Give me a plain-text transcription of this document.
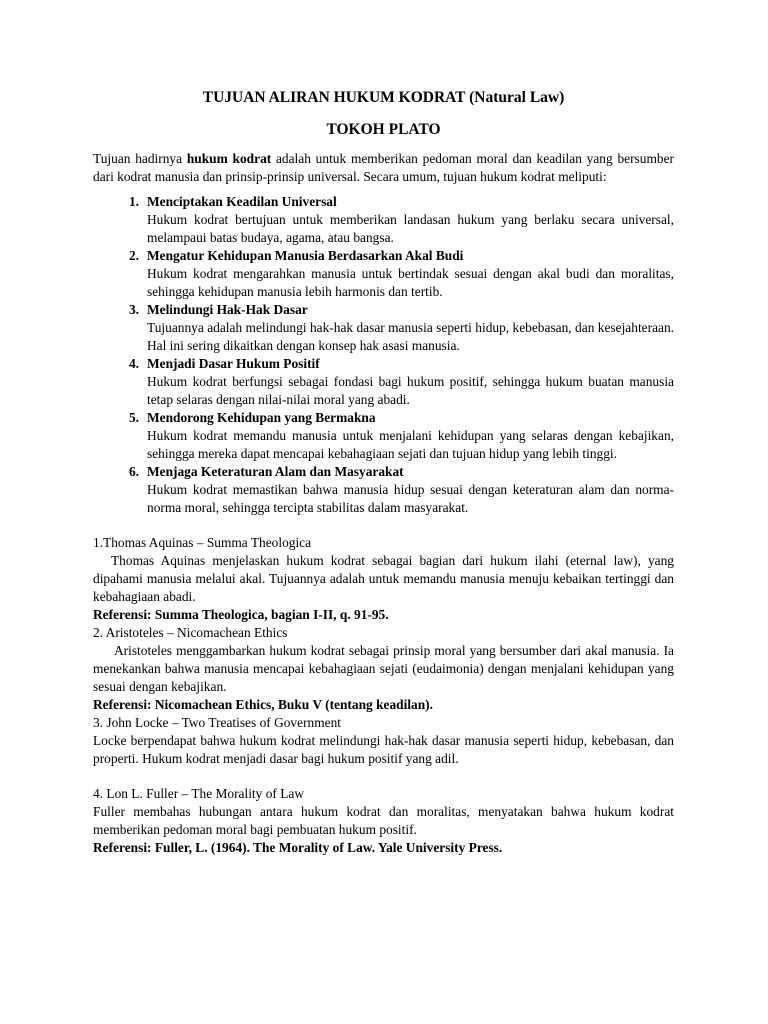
TUJUAN ALIRAN HUKUM KODRAT (Natural Law)
TOKOH PLATO

Tujuan hadirnya hukum kodrat adalah untuk memberikan pedoman moral dan keadilan yang bersumber dari kodrat manusia dan prinsip-prinsip universal. Secara umum, tujuan hukum kodrat meliputi:

1. Menciptakan Keadilan Universal
Hukum kodrat bertujuan untuk memberikan landasan hukum yang berlaku secara universal, melampaui batas budaya, agama, atau bangsa.
2. Mengatur Kehidupan Manusia Berdasarkan Akal Budi
Hukum kodrat mengarahkan manusia untuk bertindak sesuai dengan akal budi dan moralitas, sehingga kehidupan manusia lebih harmonis dan tertib.
3. Melindungi Hak-Hak Dasar
Tujuannya adalah melindungi hak-hak dasar manusia seperti hidup, kebebasan, dan kesejahteraan. Hal ini sering dikaitkan dengan konsep hak asasi manusia.
4. Menjadi Dasar Hukum Positif
Hukum kodrat berfungsi sebagai fondasi bagi hukum positif, sehingga hukum buatan manusia tetap selaras dengan nilai-nilai moral yang abadi.
5. Mendorong Kehidupan yang Bermakna
Hukum kodrat memandu manusia untuk menjalani kehidupan yang selaras dengan kebajikan, sehingga mereka dapat mencapai kebahagiaan sejati dan tujuan hidup yang lebih tinggi.
6. Menjaga Keteraturan Alam dan Masyarakat
Hukum kodrat memastikan bahwa manusia hidup sesuai dengan keteraturan alam dan norma-norma moral, sehingga tercipta stabilitas dalam masyarakat.
1.Thomas Aquinas – Summa Theologica
Thomas Aquinas menjelaskan hukum kodrat sebagai bagian dari hukum ilahi (eternal law), yang dipahami manusia melalui akal. Tujuannya adalah untuk memandu manusia menuju kebaikan tertinggi dan kebahagiaan abadi.
Referensi: Summa Theologica, bagian I-II, q. 91-95.
2. Aristoteles – Nicomachean Ethics
Aristoteles menggambarkan hukum kodrat sebagai prinsip moral yang bersumber dari akal manusia. Ia menekankan bahwa manusia mencapai kebahagiaan sejati (eudaimonia) dengan menjalani kehidupan yang sesuai dengan kebajikan.
Referensi: Nicomachean Ethics, Buku V (tentang keadilan).
3. John Locke – Two Treatises of Government
Locke berpendapat bahwa hukum kodrat melindungi hak-hak dasar manusia seperti hidup, kebebasan, dan properti. Hukum kodrat menjadi dasar bagi hukum positif yang adil.
4. Lon L. Fuller – The Morality of Law
Fuller membahas hubungan antara hukum kodrat dan moralitas, menyatakan bahwa hukum kodrat memberikan pedoman moral bagi pembuatan hukum positif.
Referensi: Fuller, L. (1964). The Morality of Law. Yale University Press.
